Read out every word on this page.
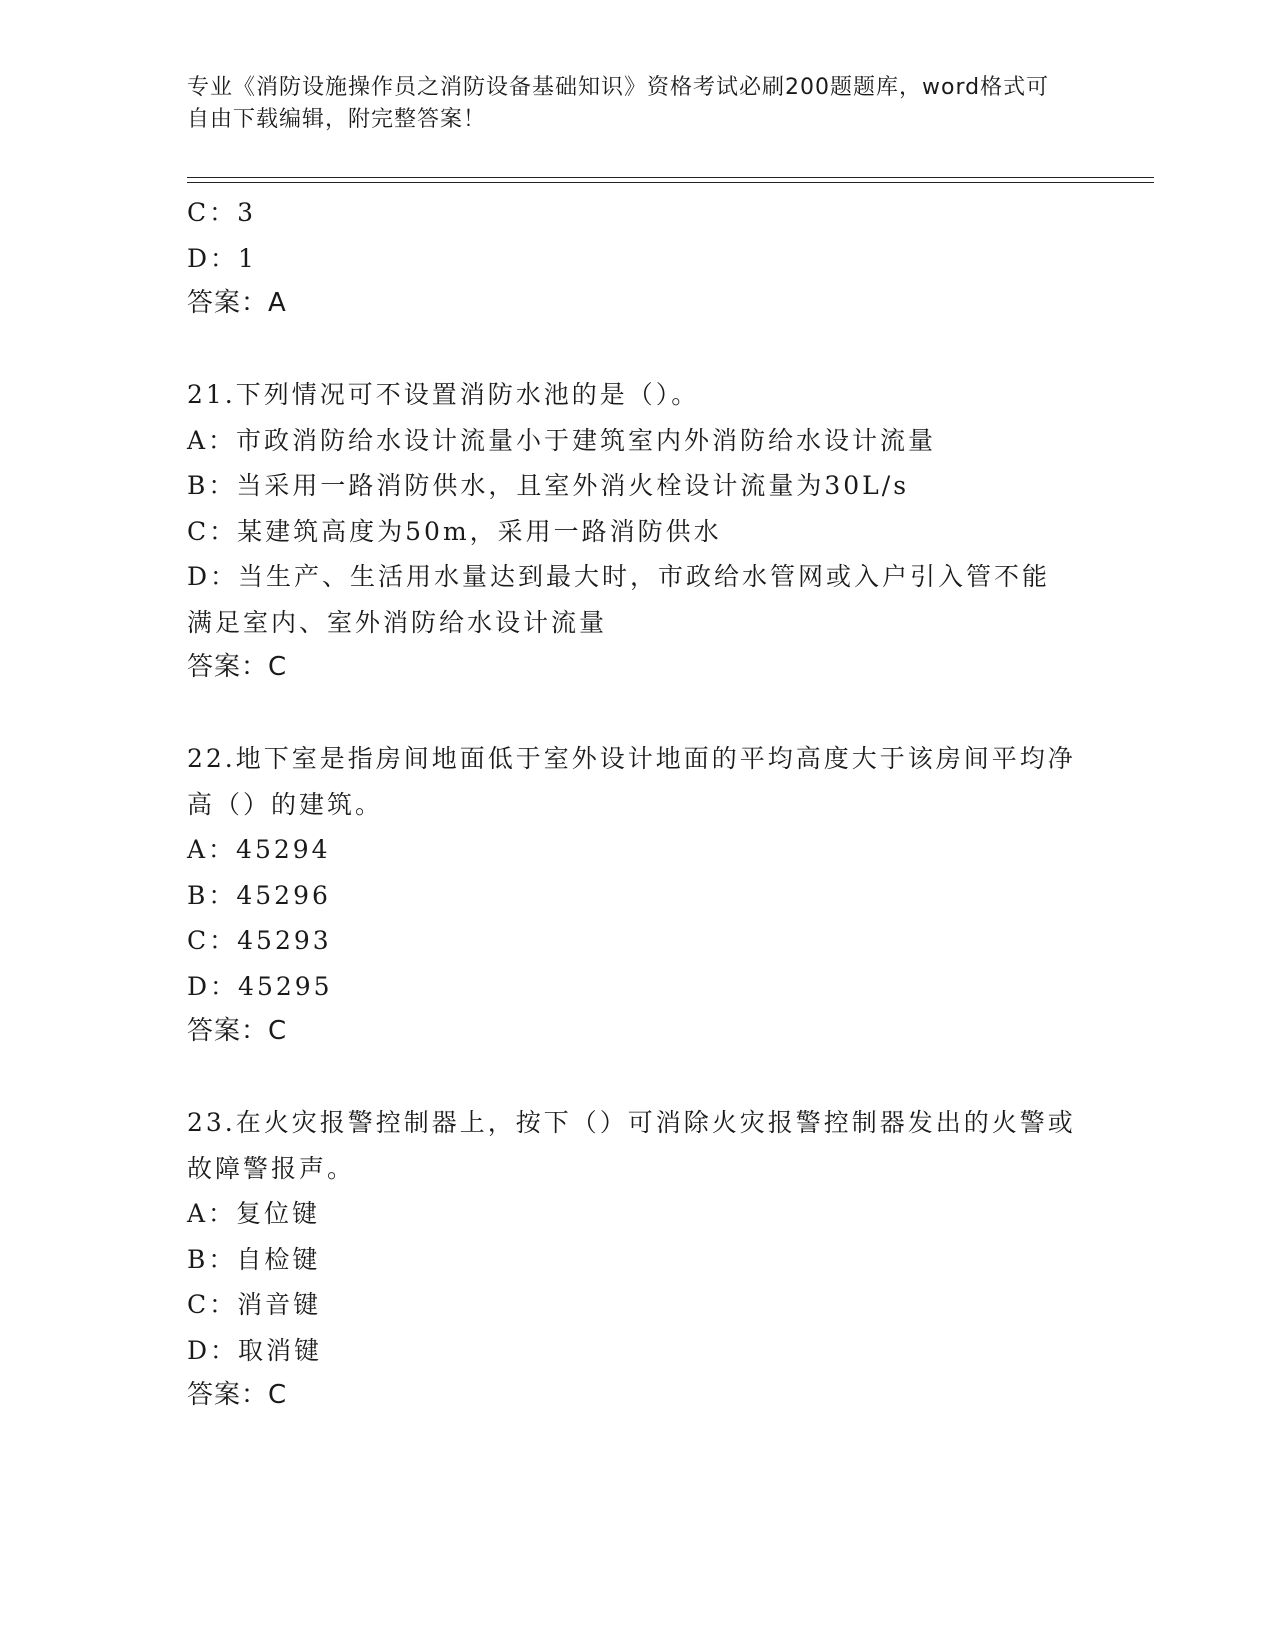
专业《消防设施操作员之消防设备基础知识》资格考试必刷200题题库，word格式可自由下载编辑，附完整答案！
C：3
D：1
答案：A
21.下列情况可不设置消防水池的是（）。
A：市政消防给水设计流量小于建筑室内外消防给水设计流量
B：当采用一路消防供水，且室外消火栓设计流量为30L/s
C：某建筑高度为50m，采用一路消防供水
D：当生产、生活用水量达到最大时，市政给水管网或入户引入管不能满足室内、室外消防给水设计流量
答案：C
22.地下室是指房间地面低于室外设计地面的平均高度大于该房间平均净高（）的建筑。
A：45294
B：45296
C：45293
D：45295
答案：C
23.在火灾报警控制器上，按下（）可消除火灾报警控制器发出的火警或故障警报声。
A：复位键
B：自检键
C：消音键
D：取消键
答案：C
